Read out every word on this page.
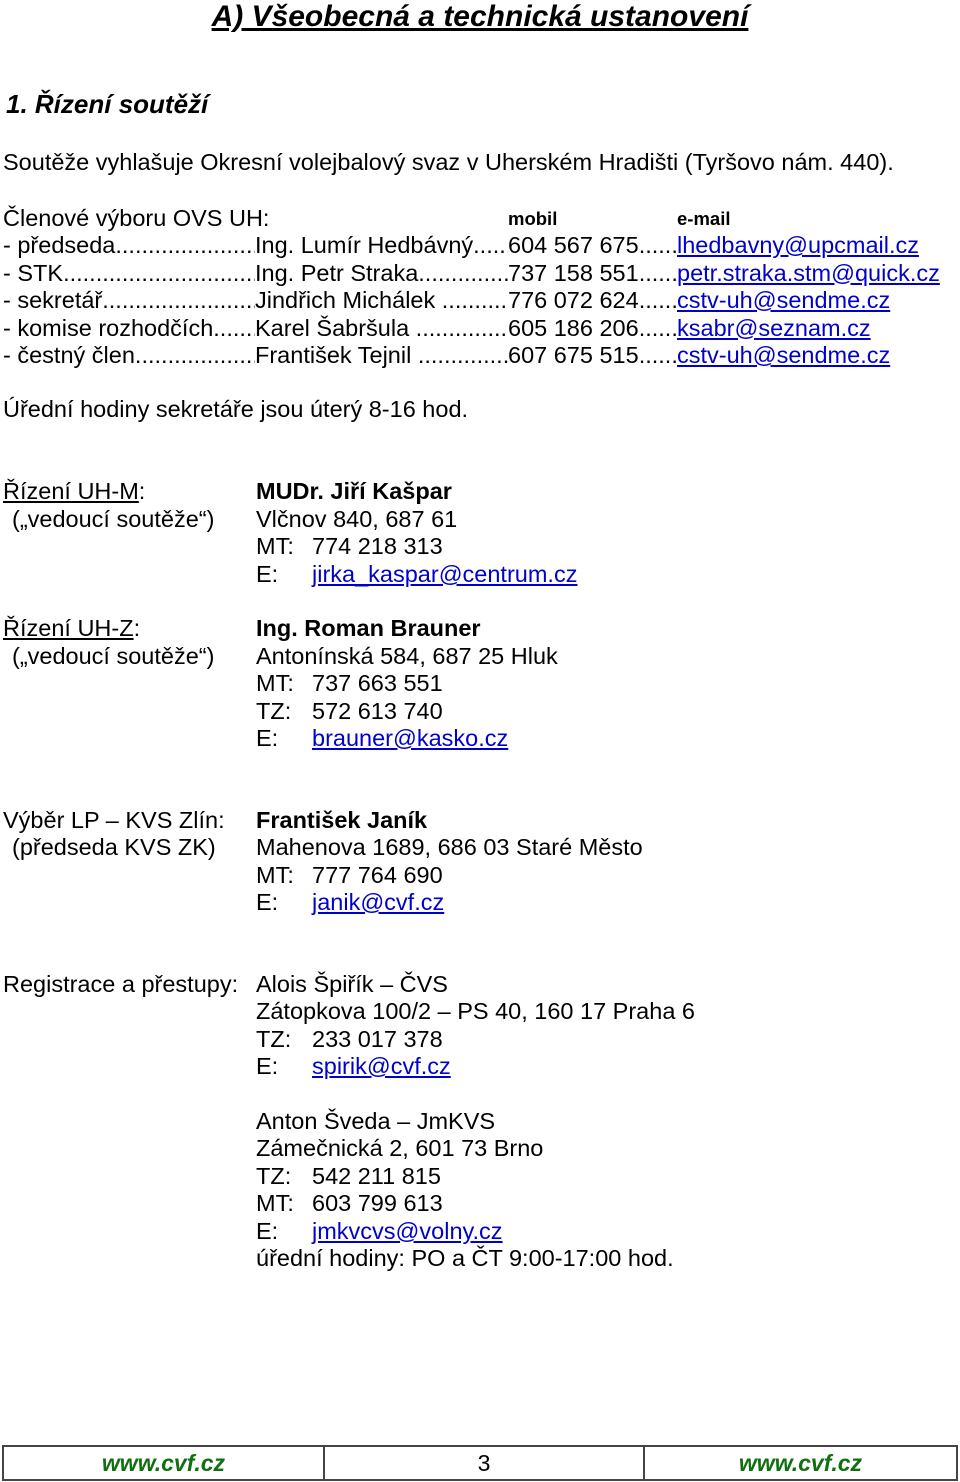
A) Všeobecná a technická ustanovení
1. Řízení soutěží
Soutěže vyhlašuje Okresní volejbalový svaz v Uherském Hradišti (Tyršovo nám. 440).
Členové výboru OVS UH:	mobil	e-mail
- předseda .....	Ing. Lumír Hedbávný ..... 604 567 675 ..... lhedbavny@upcmail.cz
- STK .....	Ing. Petr Straka .....	737 158 551 ..... petr.straka.stm@quick.cz
- sekretář .....	Jindřich Michálek .....	776 072 624 ..... cstv-uh@sendme.cz
- komise rozhodčích ..... Karel Šabršula .....	605 186 206 ..... ksabr@seznam.cz
- čestný člen .....	František Tejnil .....	607 675 515 ..... cstv-uh@sendme.cz
Úřední hodiny sekretáře jsou úterý 8-16 hod.
Řízení UH-M:
(„vedoucí soutěže“)
MUDr. Jiří Kašpar
Vlčnov 840, 687 61
MT: 774 218 313
E: jirka_kaspar@centrum.cz
Řízení UH-Z:
(„vedoucí soutěže“)
Ing. Roman Brauner
Antonínská 584, 687 25 Hluk
MT: 737 663 551
TZ: 572 613 740
E: brauner@kasko.cz
Výběr LP – KVS Zlín:
(předseda KVS ZK)
František Janík
Mahenova 1689, 686 03 Staré Město
MT: 777 764 690
E: janik@cvf.cz
Registrace a přestupy: Alois Špiřík – ČVS
Zátopkova 100/2 – PS 40, 160 17 Praha 6
TZ: 233 017 378
E: spirik@cvf.cz
Anton Šveda – JmKVS
Zámečnická 2, 601 73 Brno
TZ: 542 211 815
MT: 603 799 613
E: jmkvcvs@volny.cz
úřední hodiny: PO a ČT 9:00-17:00 hod.
www.cvf.cz	3	www.cvf.cz
